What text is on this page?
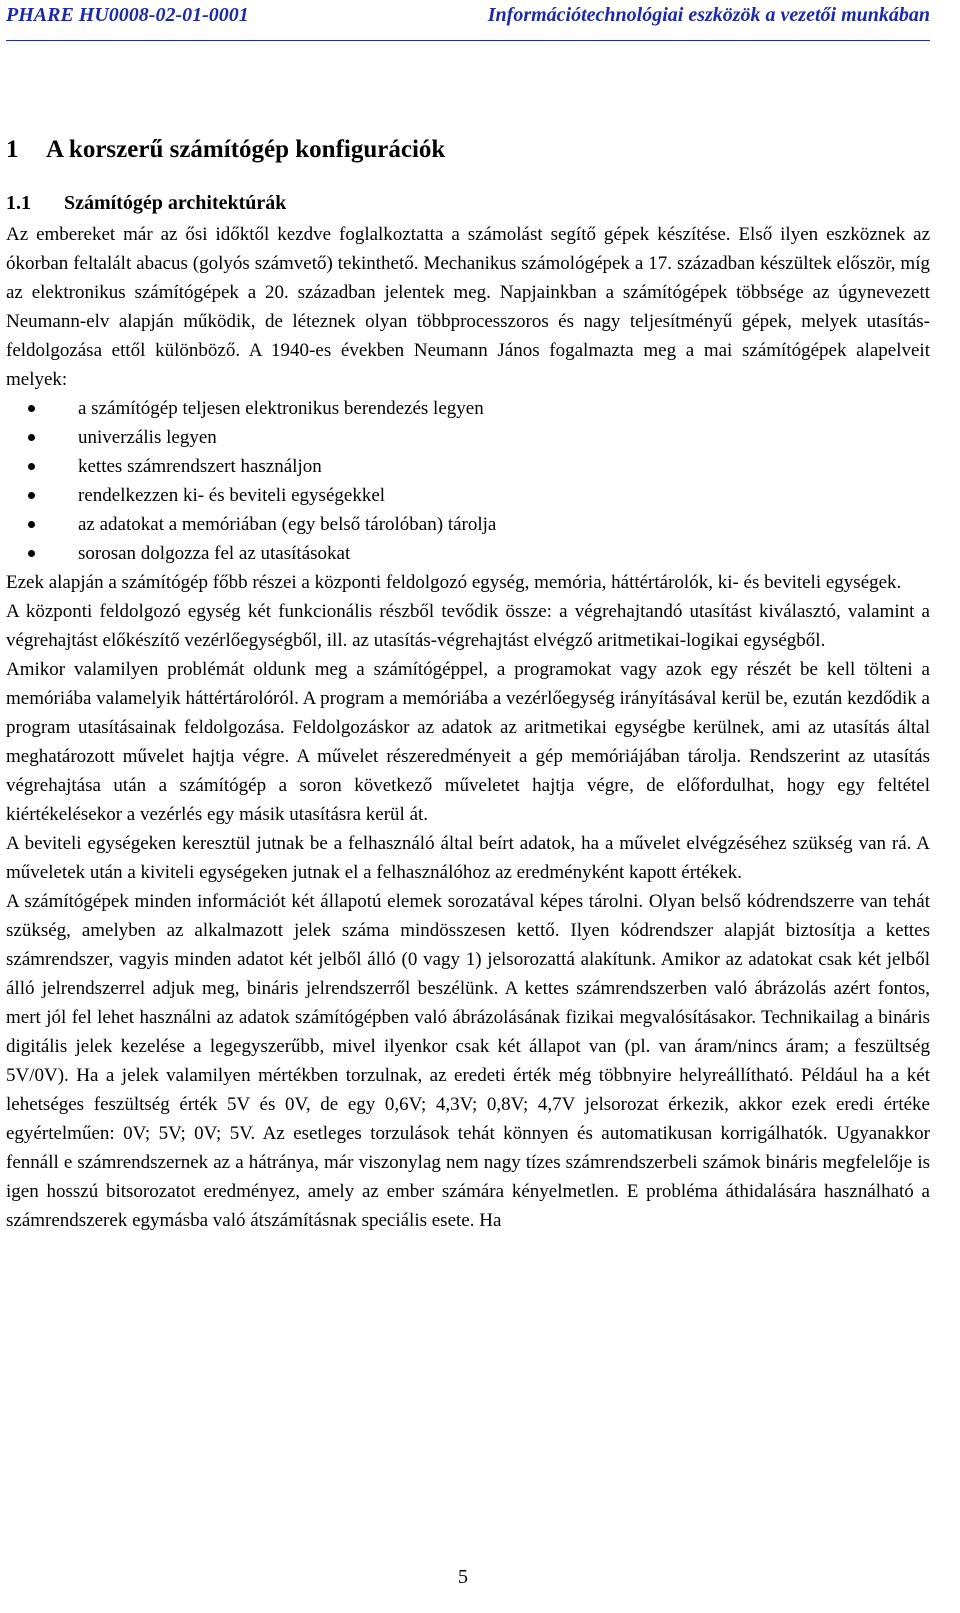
PHARE HU0008-02-01-0001	Információtechnológiai eszközök a vezetői munkában
1 A korszerű számítógép konfigurációk
1.1 Számítógép architektúrák

Az embereket már az ősi időktől kezdve foglalkoztatta a számolást segítő gépek készítése. Első ilyen eszköznek az ókorban feltalált abacus (golyós számvető) tekinthető. Mechanikus számológépek a 17. században készültek először, míg az elektronikus számítógépek a 20. században jelentek meg. Napjainkban a számítógépek többsége az úgynevezett Neumann-elv alapján működik, de léteznek olyan többprocesszoros és nagy teljesítményű gépek, melyek utasítás-feldolgozása ettől különböző. A 1940-es években Neumann János fogalmazta meg a mai számítógépek alapelveit melyek:

a számítógép teljesen elektronikus berendezés legyen
univerzális legyen
kettes számrendszert használjon
rendelkezzen ki- és beviteli egységekkel
az adatokat a memóriában (egy belső tárolóban) tárolja
sorosan dolgozza fel az utasításokat

Ezek alapján a számítógép főbb részei a központi feldolgozó egység, memória, háttértárolók, ki- és beviteli egységek.

A központi feldolgozó egység két funkcionális részből tevődik össze: a végrehajtandó utasítást kiválasztó, valamint a végrehajtást előkészítő vezérlőegységből, ill. az utasítás-végrehajtást elvégző aritmetikai-logikai egységből.

Amikor valamilyen problémát oldunk meg a számítógéppel, a programokat vagy azok egy részét be kell tölteni a memóriába valamelyik háttértárolóról. A program a memóriába a vezérlőegység irányításával kerül be, ezután kezdődik a program utasításainak feldolgozása. Feldolgozáskor az adatok az aritmetikai egységbe kerülnek, ami az utasítás által meghatározott művelet hajtja végre. A művelet részeredményeit a gép memóriájában tárolja. Rendszerint az utasítás végrehajtása után a számítógép a soron következő műveletet hajtja végre, de előfordulhat, hogy egy feltétel kiértékelésekor a vezérlés egy másik utasításra kerül át.

A beviteli egységeken keresztül jutnak be a felhasználó által beírt adatok, ha a művelet elvégzéséhez szükség van rá. A műveletek után a kiviteli egységeken jutnak el a felhasználóhoz az eredményként kapott értékek.

A számítógépek minden információt két állapotú elemek sorozatával képes tárolni. Olyan belső kódrendszerre van tehát szükség, amelyben az alkalmazott jelek száma mindösszesen kettő. Ilyen kódrendszer alapját biztosítja a kettes számrendszer, vagyis minden adatot két jelből álló (0 vagy 1) jelsorozattá alakítunk. Amikor az adatokat csak két jelből álló jelrendszerrel adjuk meg, bináris jelrendszerről beszélünk. A kettes számrendszerben való ábrázolás azért fontos, mert jól fel lehet használni az adatok számítógépben való ábrázolásának fizikai megvalósításakor. Technikailag a bináris digitális jelek kezelése a legegyszerűbb, mivel ilyenkor csak két állapot van (pl. van áram/nincs áram; a feszültség 5V/0V). Ha a jelek valamilyen mértékben torzulnak, az eredeti érték még többnyire helyreállítható. Például ha a két lehetséges feszültség érték 5V és 0V, de egy 0,6V; 4,3V; 0,8V; 4,7V jelsorozat érkezik, akkor ezek eredi értéke egyértelműen: 0V; 5V; 0V; 5V. Az esetleges torzulások tehát könnyen és automatikusan korrigálhatók. Ugyanakkor fennáll e számrendszernek az a hátránya, már viszonylag nem nagy tízes számrendszerbeli számok bináris megfelelője is igen hosszú bitsorozatot eredményez, amely az ember számára kényelmetlen. E probléma áthidalására használható a számrendszerek egymásba való átszámításnak speciális esete. Ha

5
